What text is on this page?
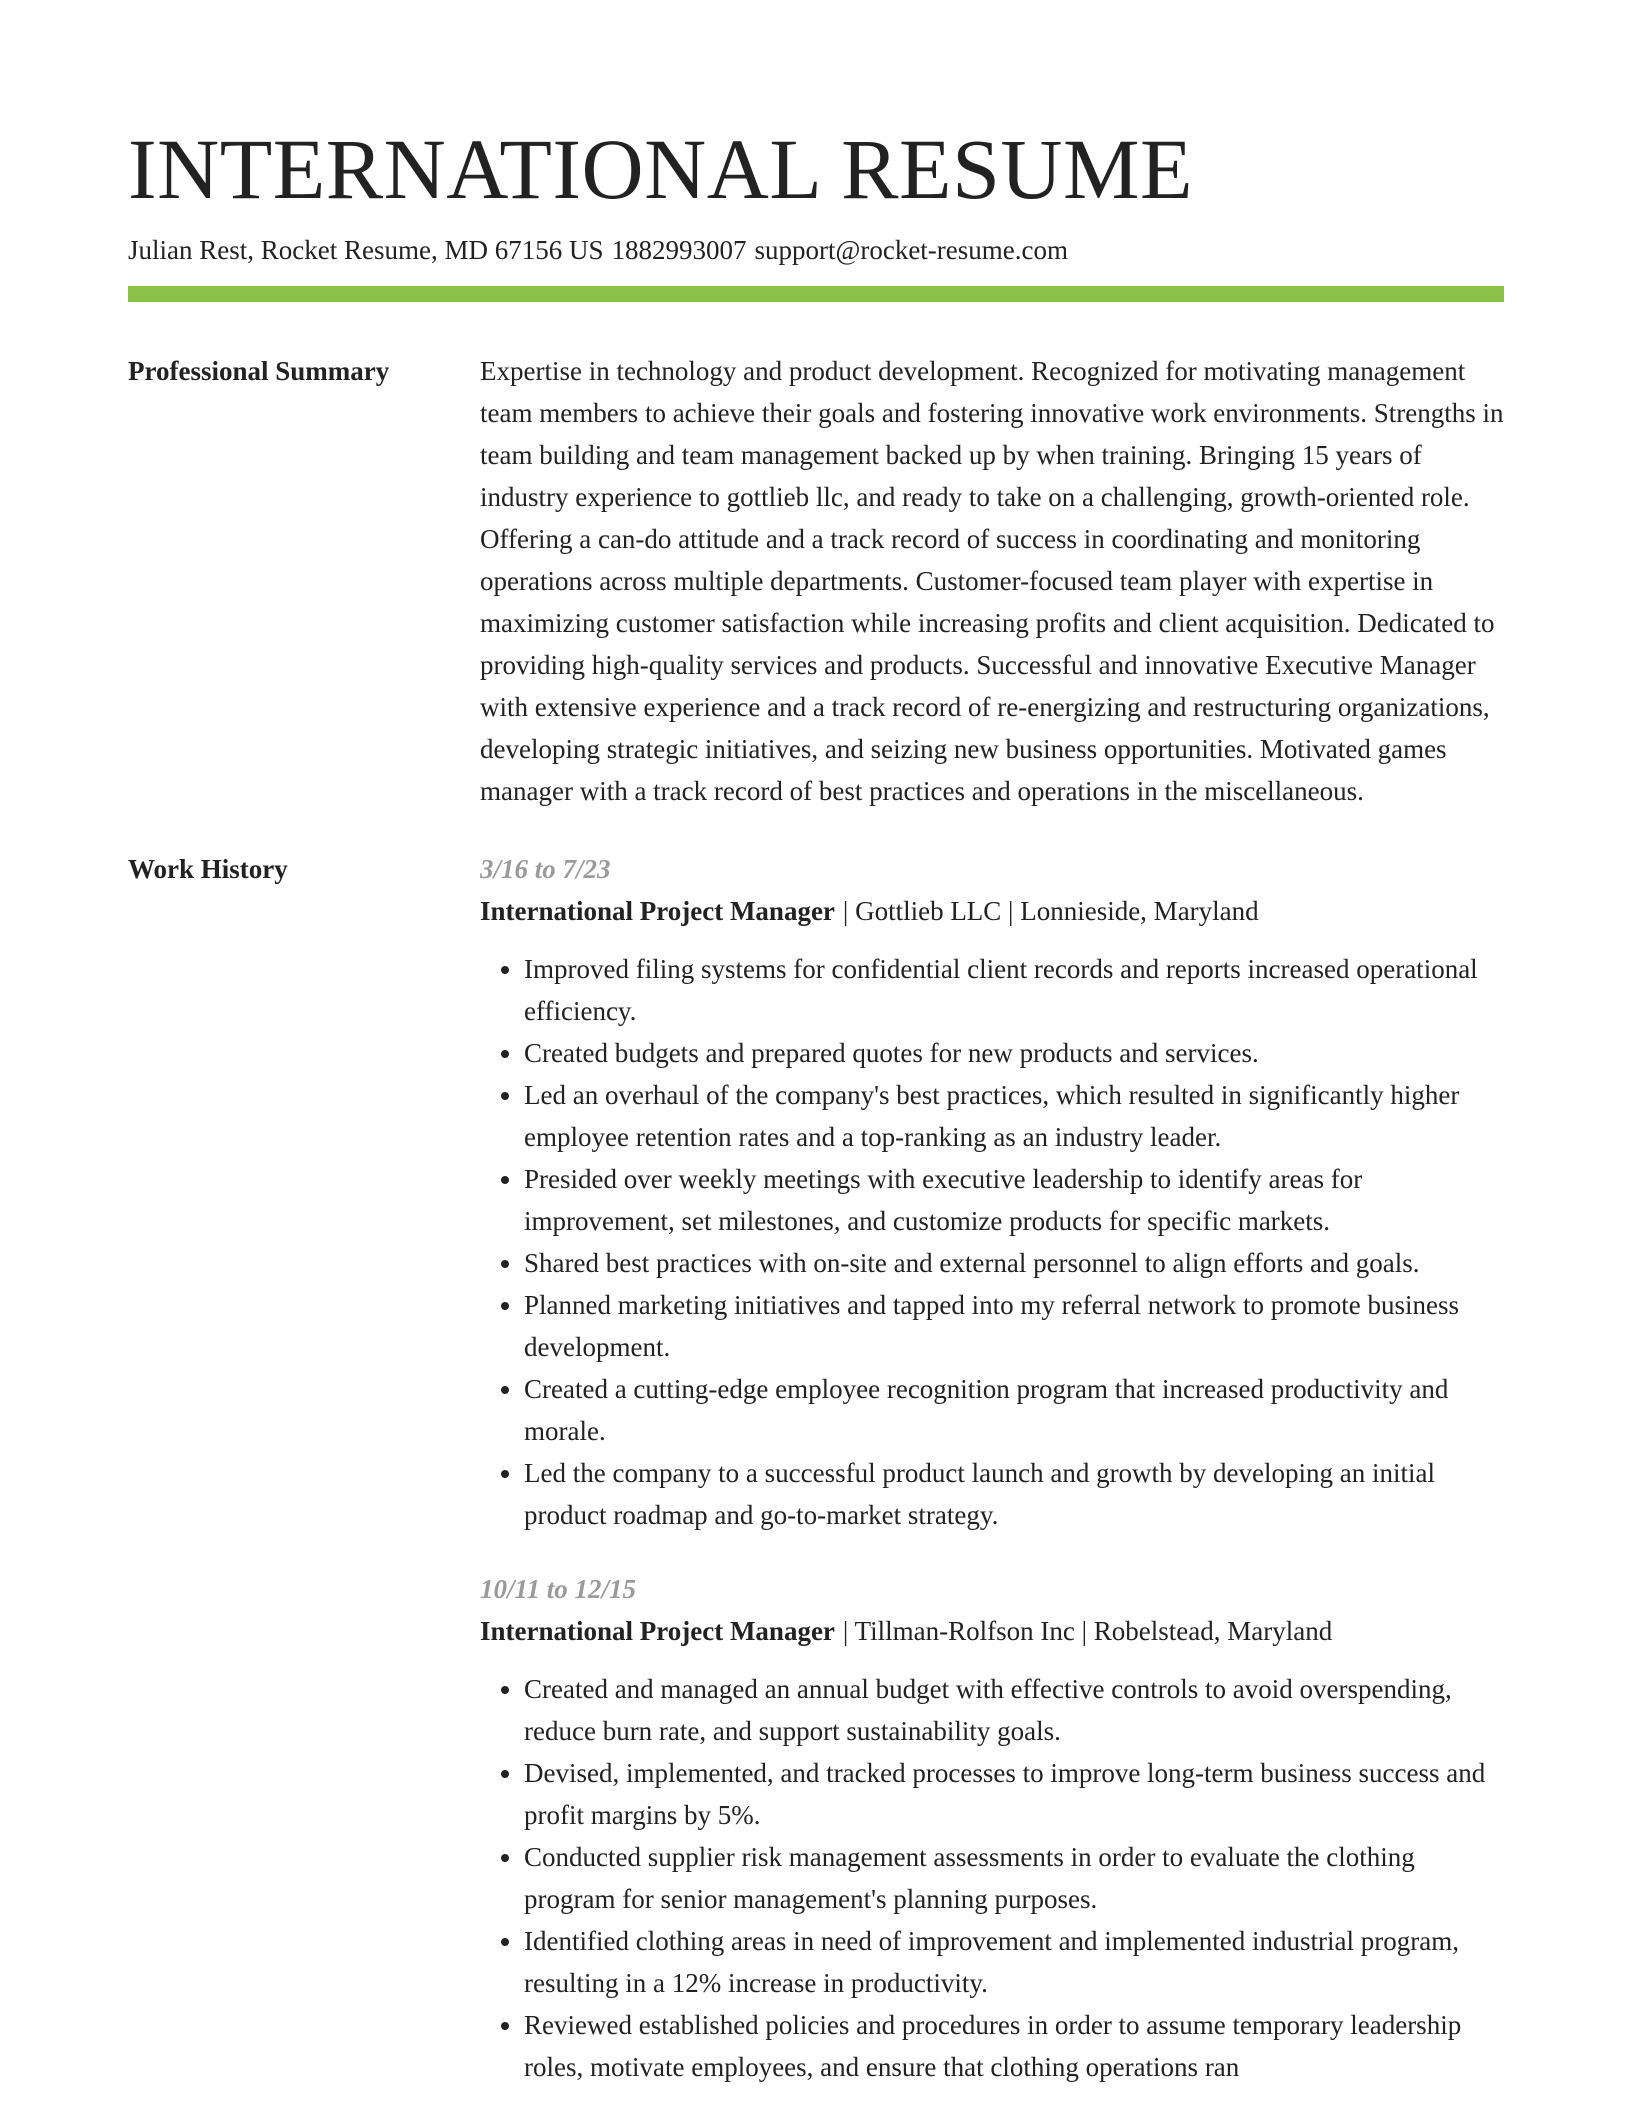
INTERNATIONAL RESUME
Julian Rest, Rocket Resume, MD 67156 US 1882993007 support@rocket-resume.com
Professional Summary	Expertise in technology and product development. Recognized for motivating management team members to achieve their goals and fostering innovative work environments. Strengths in team building and team management backed up by when training. Bringing 15 years of industry experience to gottlieb llc, and ready to take on a challenging, growth-oriented role. Offering a can-do attitude and a track record of success in coordinating and monitoring operations across multiple departments. Customer-focused team player with expertise in maximizing customer satisfaction while increasing profits and client acquisition. Dedicated to providing high-quality services and products. Successful and innovative Executive Manager with extensive experience and a track record of re-energizing and restructuring organizations, developing strategic initiatives, and seizing new business opportunities. Motivated games manager with a track record of best practices and operations in the miscellaneous.

Work History	3/16 to 7/23
International Project Manager | Gottlieb LLC | Lonnieside, Maryland
• Improved filing systems for confidential client records and reports increased operational efficiency.
• Created budgets and prepared quotes for new products and services.
• Led an overhaul of the company's best practices, which resulted in significantly higher employee retention rates and a top-ranking as an industry leader.
• Presided over weekly meetings with executive leadership to identify areas for improvement, set milestones, and customize products for specific markets.
• Shared best practices with on-site and external personnel to align efforts and goals.
• Planned marketing initiatives and tapped into my referral network to promote business development.
• Created a cutting-edge employee recognition program that increased productivity and morale.
• Led the company to a successful product launch and growth by developing an initial product roadmap and go-to-market strategy.
10/11 to 12/15
International Project Manager | Tillman-Rolfson Inc | Robelstead, Maryland
• Created and managed an annual budget with effective controls to avoid overspending, reduce burn rate, and support sustainability goals.
• Devised, implemented, and tracked processes to improve long-term business success and profit margins by 5%.
• Conducted supplier risk management assessments in order to evaluate the clothing program for senior management's planning purposes.
• Identified clothing areas in need of improvement and implemented industrial program, resulting in a 12% increase in productivity.
• Reviewed established policies and procedures in order to assume temporary leadership roles, motivate employees, and ensure that clothing operations ran
